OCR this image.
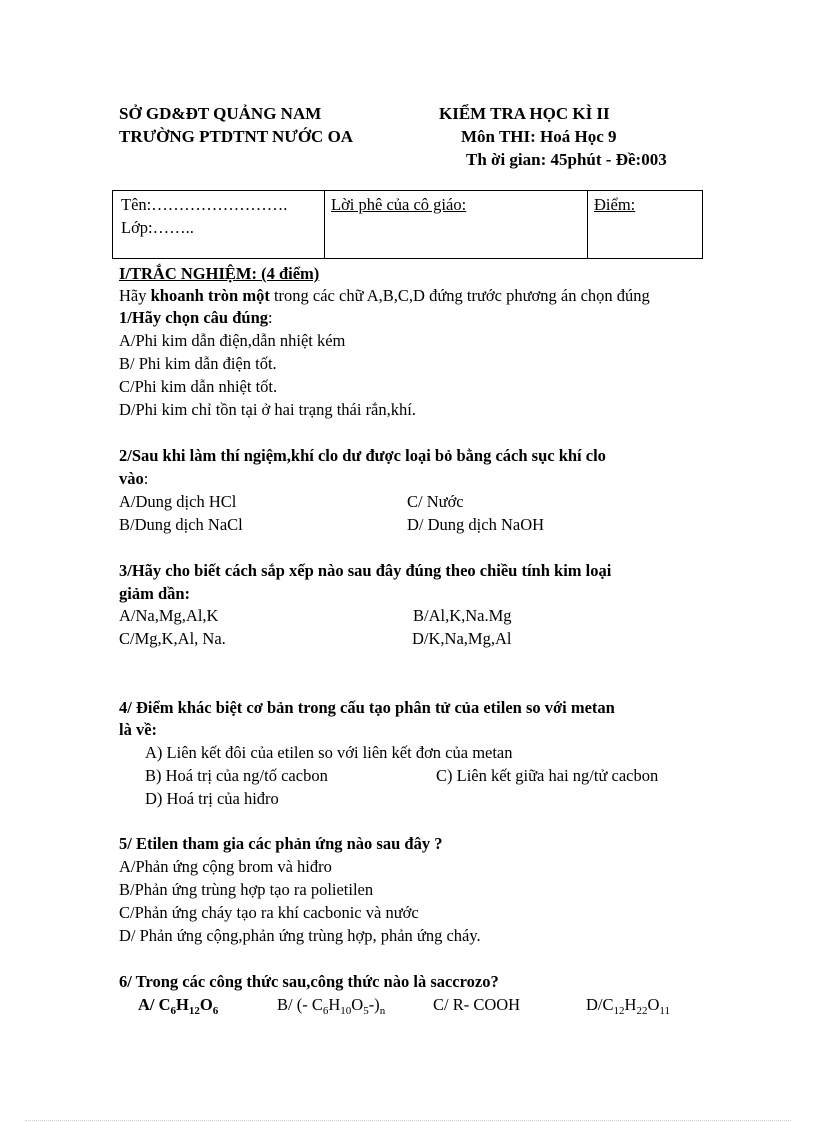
SỞ GD&ĐT QUẢNG NAM
TRƯỜNG PTDTNT NƯỚC OA
KIỂM TRA HỌC KÌ II
Môn THI: Hoá Học 9
Th ời gian: 45phút - Đề:003
Tên:…………………….
Lớp:……..
Lời phê của cô giáo:	Điểm:
I/TRẮC NGHIỆM: (4 điểm)
Hãy khoanh tròn một trong các chữ A,B,C,D đứng trước phương án chọn đúng
1/Hãy chọn câu đúng:
A/Phi kim dẫn điện,dẫn nhiệt kém
B/ Phi kim dẫn điện tốt.
C/Phi kim dẫn nhiệt tốt.
D/Phi kim chỉ tồn tại ở hai trạng thái rắn,khí.
2/Sau khi làm thí ngiệm,khí clo dư được loại bỏ bằng cách sục khí clo
vào:
A/Dung dịch HCl	C/ Nước
B/Dung dịch NaCl	D/ Dung dịch NaOH
3/Hãy cho biết cách sắp xếp nào sau đây đúng theo chiều tính kim loại
giảm dần:
A/Na,Mg,Al,K	B/Al,K,Na.Mg
C/Mg,K,Al, Na.	D/K,Na,Mg,Al
4/ Điểm khác biệt cơ bản trong cấu tạo phân tử của etilen so với metan
là về:
A) Liên kết đôi của etilen so với liên kết đơn của metan
B) Hoá trị của ng/tố cacbon	C) Liên kết giữa hai ng/tử cacbon
D) Hoá trị của hiđro
5/ Etilen tham gia các phản ứng nào sau đây ?
A/Phản ứng cộng brom và hiđro
B/Phản ứng trùng hợp tạo ra polietilen
C/Phản ứng cháy tạo ra khí cacbonic và nước
D/ Phản ứng cộng,phản ứng trùng hợp, phản ứng cháy.
6/ Trong các công thức sau,công thức nào là saccrozo?
A/ $C_6H_{12}O_6$	B/ (- $C_6H_{10}O_5-)_n$	C/ R- COOH	$D/C_{12}H_{22}O_{11}$
